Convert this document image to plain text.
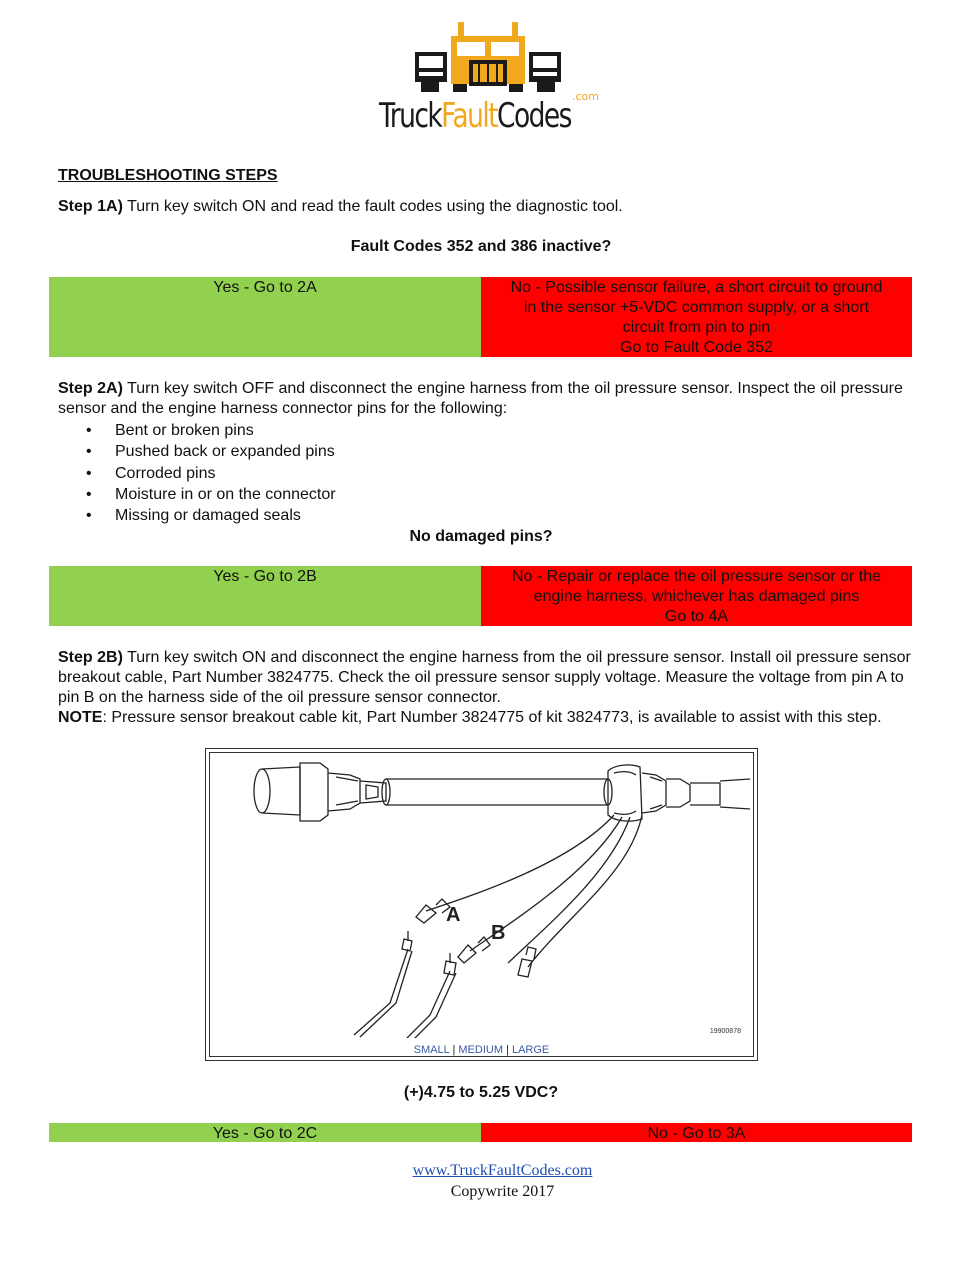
.com
TruckFaultCodes
TROUBLESHOOTING STEPS
Step 1A) Turn key switch ON and read the fault codes using the diagnostic tool.
Fault Codes 352 and 386 inactive?
Yes - Go to 2A	No - Possible sensor failure, a short circuit to ground
in the sensor +5-VDC common supply, or a short
circuit from pin to pin
Go to Fault Code 352
Step 2A) Turn key switch OFF and disconnect the engine harness from the oil pressure sensor. Inspect the oil pressure sensor and the engine harness connector pins for the following:
• Bent or broken pins
• Pushed back or expanded pins
• Corroded pins
• Moisture in or on the connector
• Missing or damaged seals
No damaged pins?
Yes - Go to 2B	No - Repair or replace the oil pressure sensor or the
engine harness, whichever has damaged pins
Go to 4A
Step 2B) Turn key switch ON and disconnect the engine harness from the oil pressure sensor. Install oil pressure sensor breakout cable, Part Number 3824775. Check the oil pressure sensor supply voltage. Measure the voltage from pin A to pin B on the harness side of the oil pressure sensor connector.
NOTE: Pressure sensor breakout cable kit, Part Number 3824775 of kit 3824773, is available to assist with this step.
A
B
19900878
SMALL | MEDIUM | LARGE
(+)4.75 to 5.25 VDC?
Yes - Go to 2C	No - Go to 3A
www.TruckFaultCodes.com
Copywrite 2017
